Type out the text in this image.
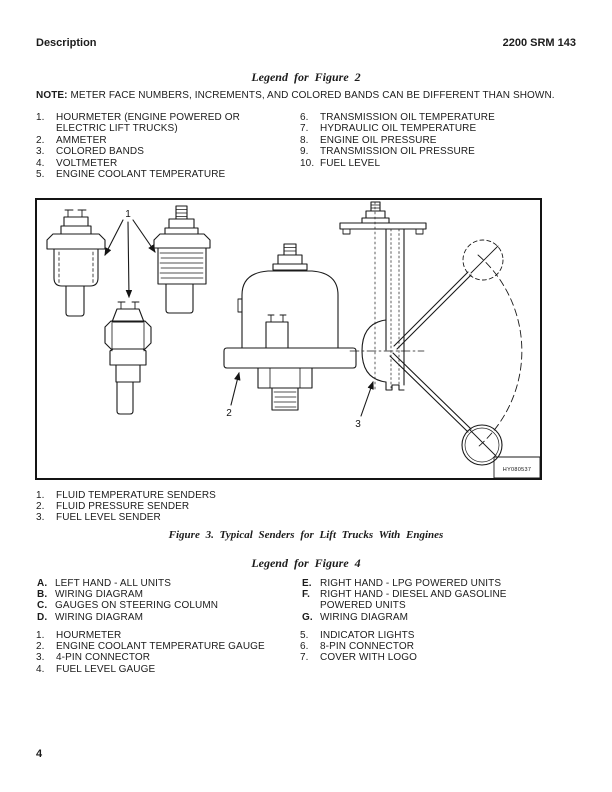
Description	2200 SRM 143
Legend for Figure 2

NOTE: METER FACE NUMBERS, INCREMENTS, AND COLORED BANDS CAN BE DIFFERENT THAN SHOWN.

1.	HOURMETER (ENGINE POWERED OR ELECTRIC LIFT TRUCKS)
2.	AMMETER
3.	COLORED BANDS
4.	VOLTMETER
5.	ENGINE COOLANT TEMPERATURE
6.	TRANSMISSION OIL TEMPERATURE
7.	HYDRAULIC OIL TEMPERATURE
8.	ENGINE OIL PRESSURE
9.	TRANSMISSION OIL PRESSURE
10. FUEL LEVEL
1
2
3
HY080537
1.	FLUID TEMPERATURE SENDERS
2.	FLUID PRESSURE SENDER
3.	FUEL LEVEL SENDER
Figure 3. Typical Senders for Lift Trucks With Engines
Legend for Figure 4
A. LEFT HAND - ALL UNITS
B. WIRING DIAGRAM
C. GAUGES ON STEERING COLUMN
D. WIRING DIAGRAM
E. RIGHT HAND - LPG POWERED UNITS
F.	RIGHT HAND - DIESEL AND GASOLINE POWERED UNITS
G. WIRING DIAGRAM
1.	HOURMETER
2.	ENGINE COOLANT TEMPERATURE GAUGE
3.	4-PIN CONNECTOR
4.	FUEL LEVEL GAUGE
5.	INDICATOR LIGHTS
6.	8-PIN CONNECTOR
7.	COVER WITH LOGO
4
